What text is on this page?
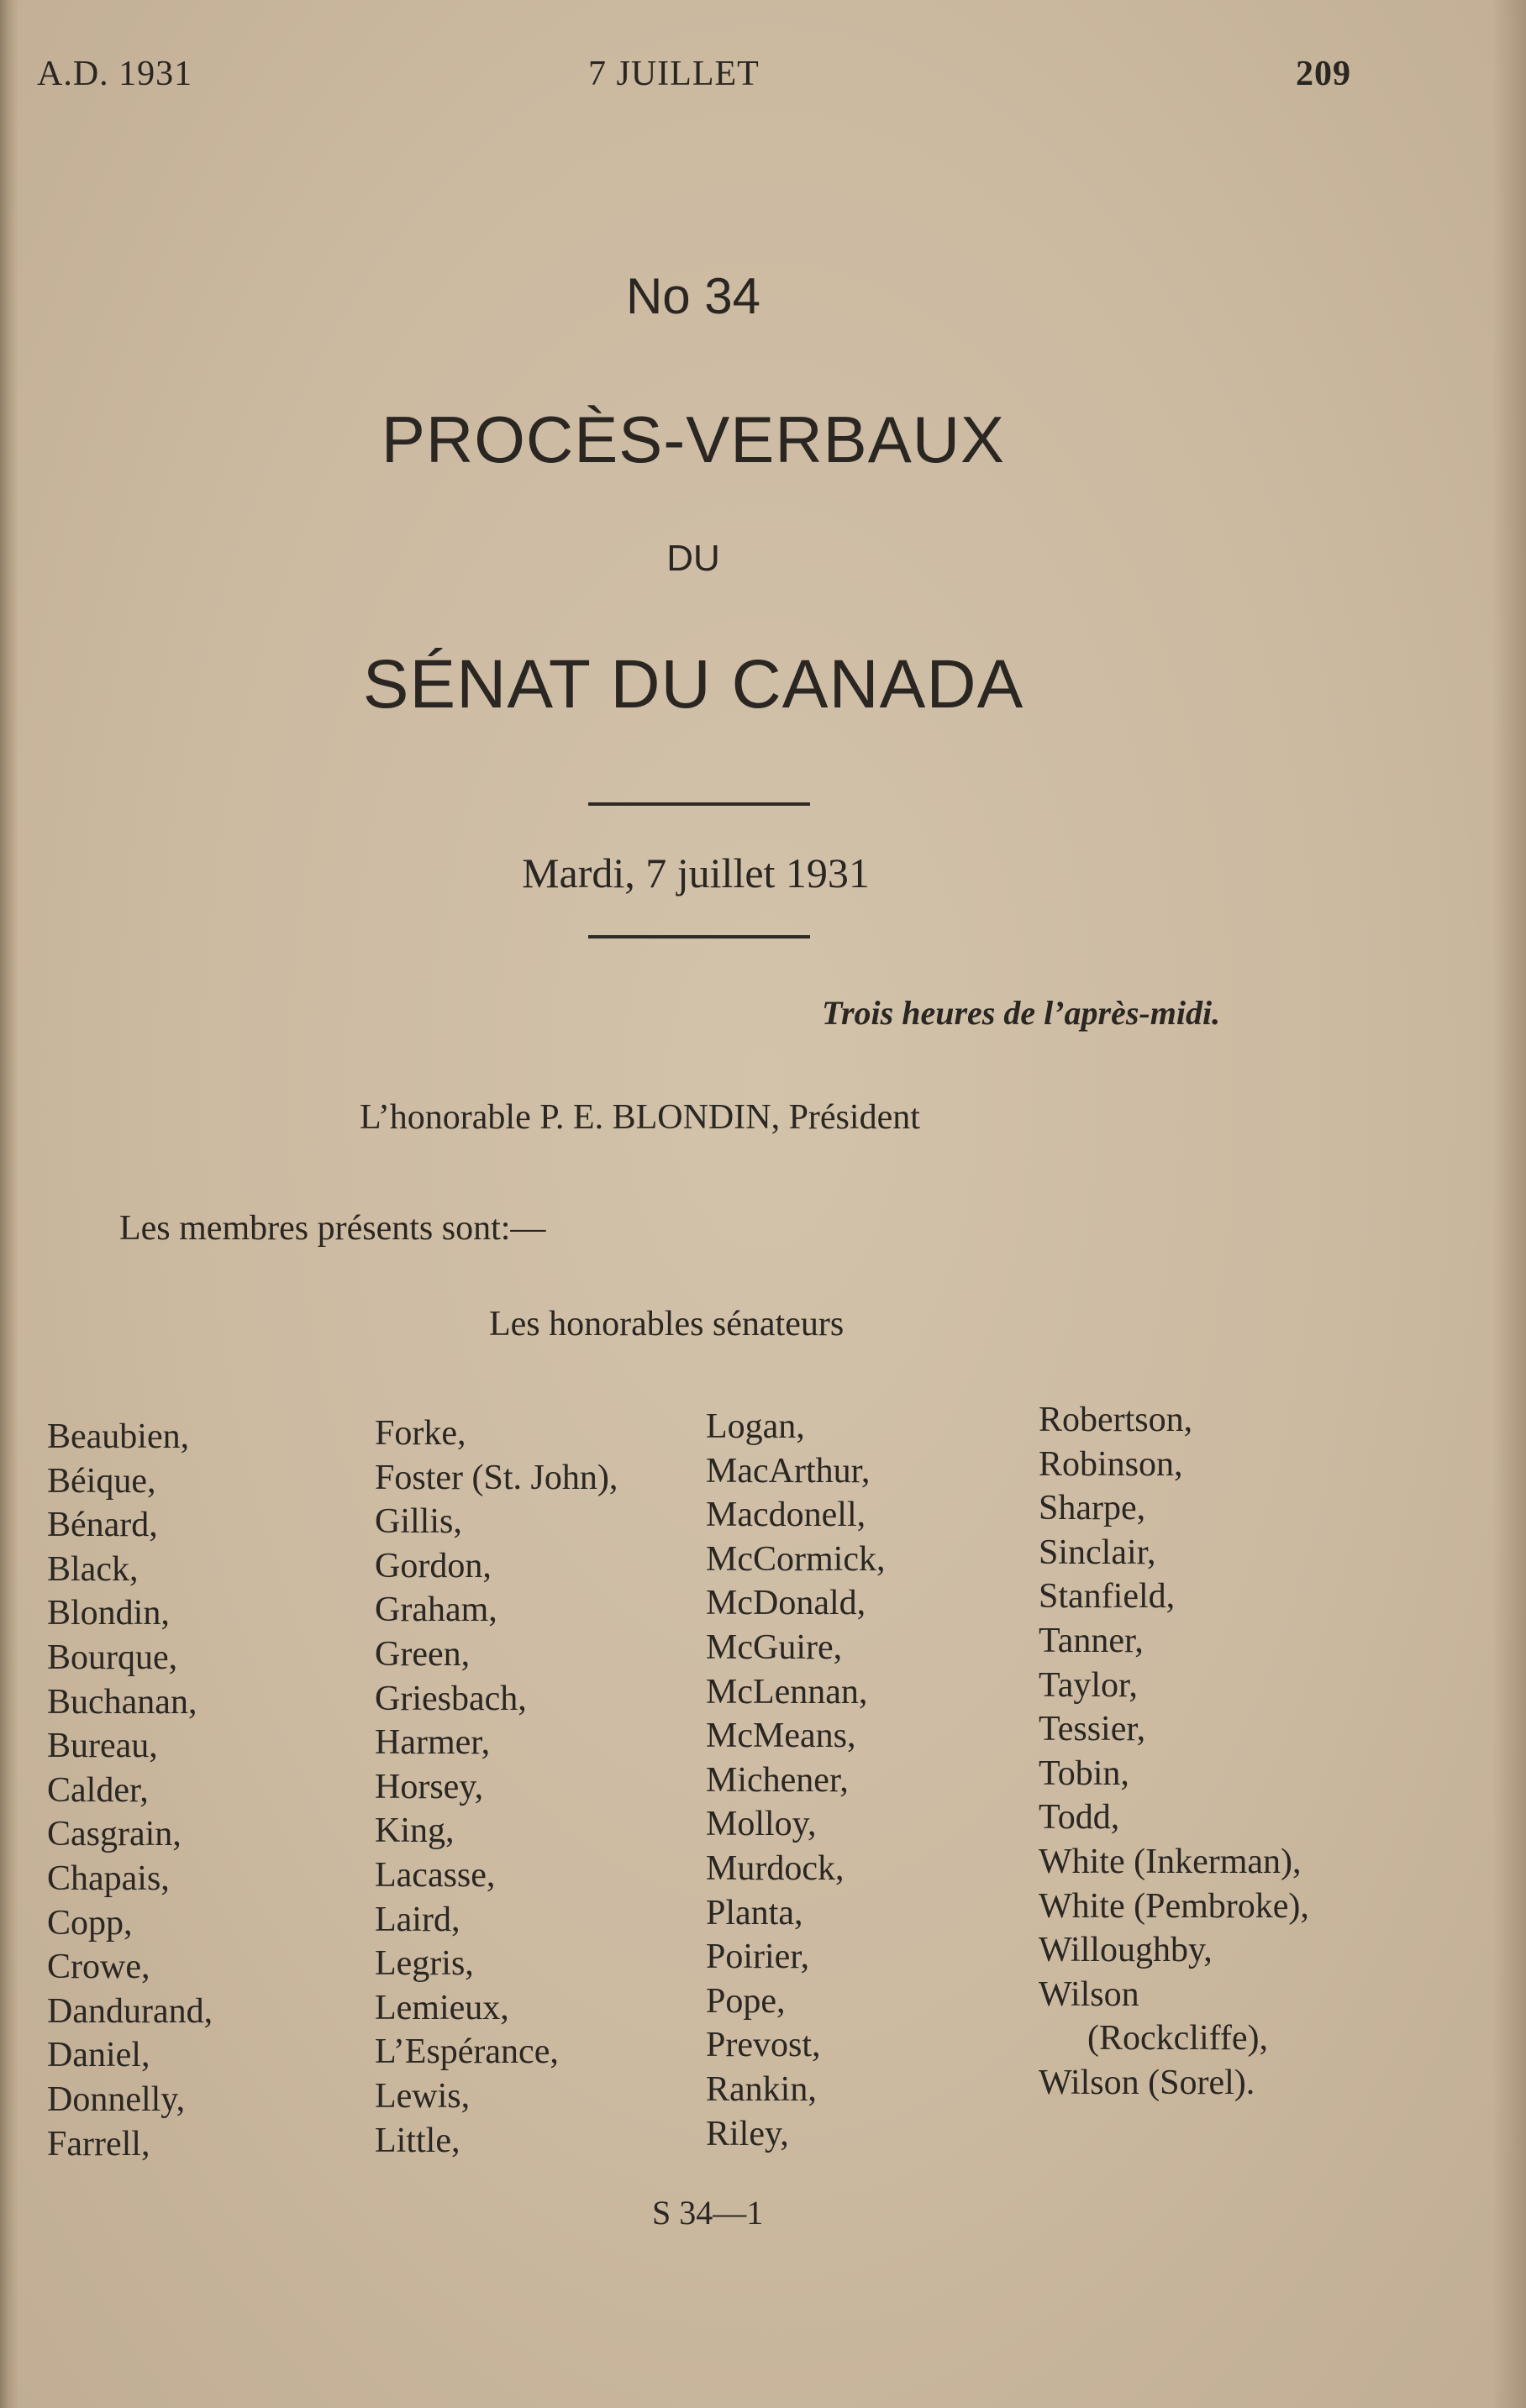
A.D. 1931	7 JUILLET	209
No 34
PROCÈS-VERBAUX
DU
SÉNAT DU CANADA
Mardi, 7 juillet 1931
Trois heures de l’après-midi.
L’honorable P. E. BLONDIN, Président
Les membres présents sont:—
Les honorables sénateurs
Beaubien,
Béique,
Bénard,
Black,
Blondin,
Bourque,
Buchanan,
Bureau,
Calder,
Casgrain,
Chapais,
Copp,
Crowe,
Dandurand,
Daniel,
Donnelly,
Farrell,
Forke,
Foster (St. John),
Gillis,
Gordon,
Graham,
Green,
Griesbach,
Harmer,
Horsey,
King,
Lacasse,
Laird,
Legris,
Lemieux,
L’Espérance,
Lewis,
Little,
Logan,
MacArthur,
Macdonell,
McCormick,
McDonald,
McGuire,
McLennan,
McMeans,
Michener,
Molloy,
Murdock,
Planta,
Poirier,
Pope,
Prevost,
Rankin,
Riley,
Robertson,
Robinson,
Sharpe,
Sinclair,
Stanfield,
Tanner,
Taylor,
Tessier,
Tobin,
Todd,
White (Inkerman),
White (Pembroke),
Willoughby,
Wilson
(Rockcliffe),
Wilson (Sorel).
S 34—1
